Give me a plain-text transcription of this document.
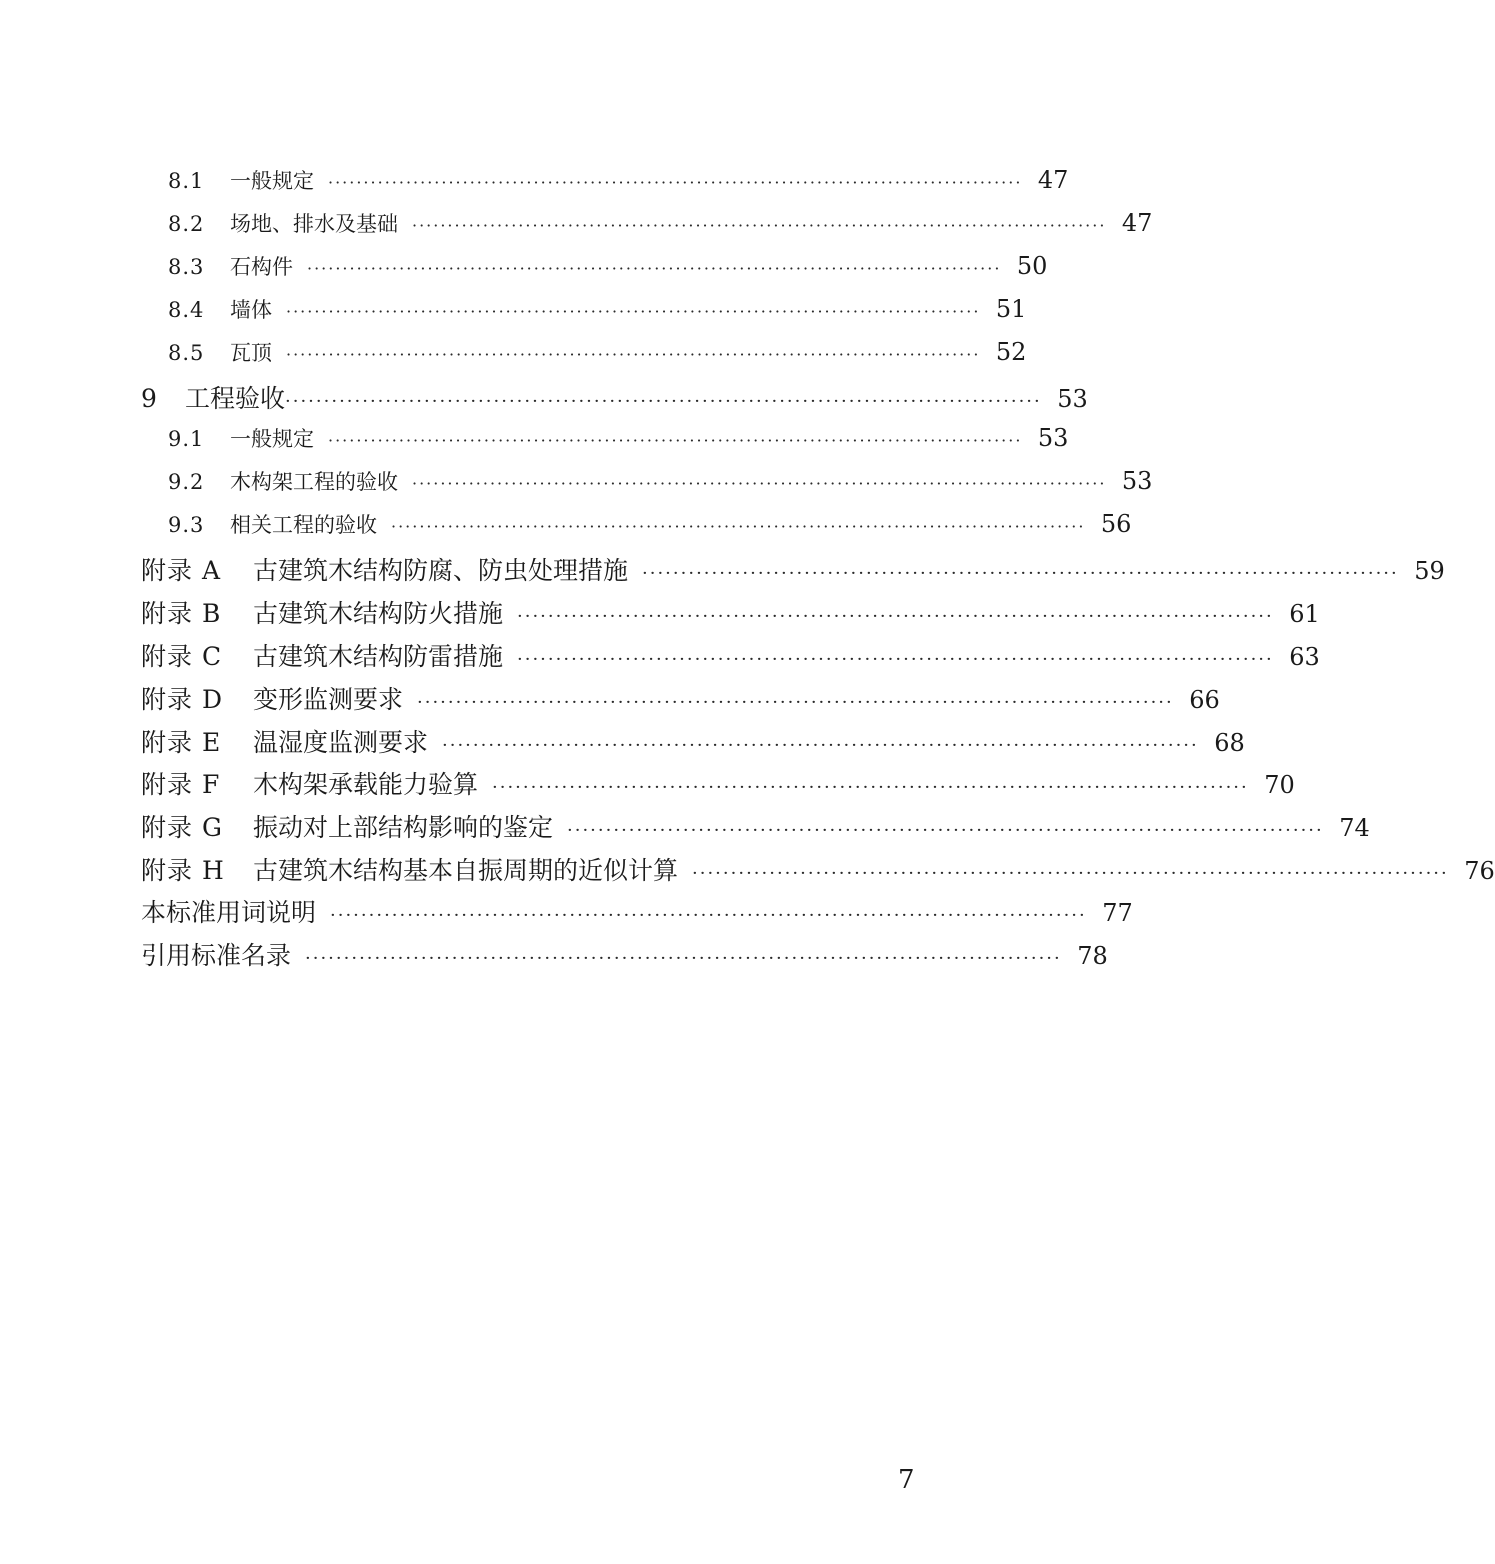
8.1	一般规定 ·································································································· 47
8.2	场地、排水及基础 ·································································································· 47
8.3	石构件 ·································································································· 50
8.4	墙体 ·································································································· 51
8.5	瓦顶 ·································································································· 52
9	工程验收 ·································································································· 53
9.1	一般规定 ·································································································· 53
9.2	木构架工程的验收 ·································································································· 53
9.3	相关工程的验收 ·································································································· 56
附录 A	古建筑木结构防腐、防虫处理措施 ·································································································· 59
附录 B	古建筑木结构防火措施 ·································································································· 61
附录 C	古建筑木结构防雷措施 ·································································································· 63
附录 D	变形监测要求 ·································································································· 66
附录 E	温湿度监测要求 ·································································································· 68
附录 F	木构架承载能力验算 ·································································································· 70
附录 G	振动对上部结构影响的鉴定 ·································································································· 74
附录 H	古建筑木结构基本自振周期的近似计算 ·································································································· 76
本标准用词说明 ·································································································· 77
引用标准名录 ·································································································· 78
7
